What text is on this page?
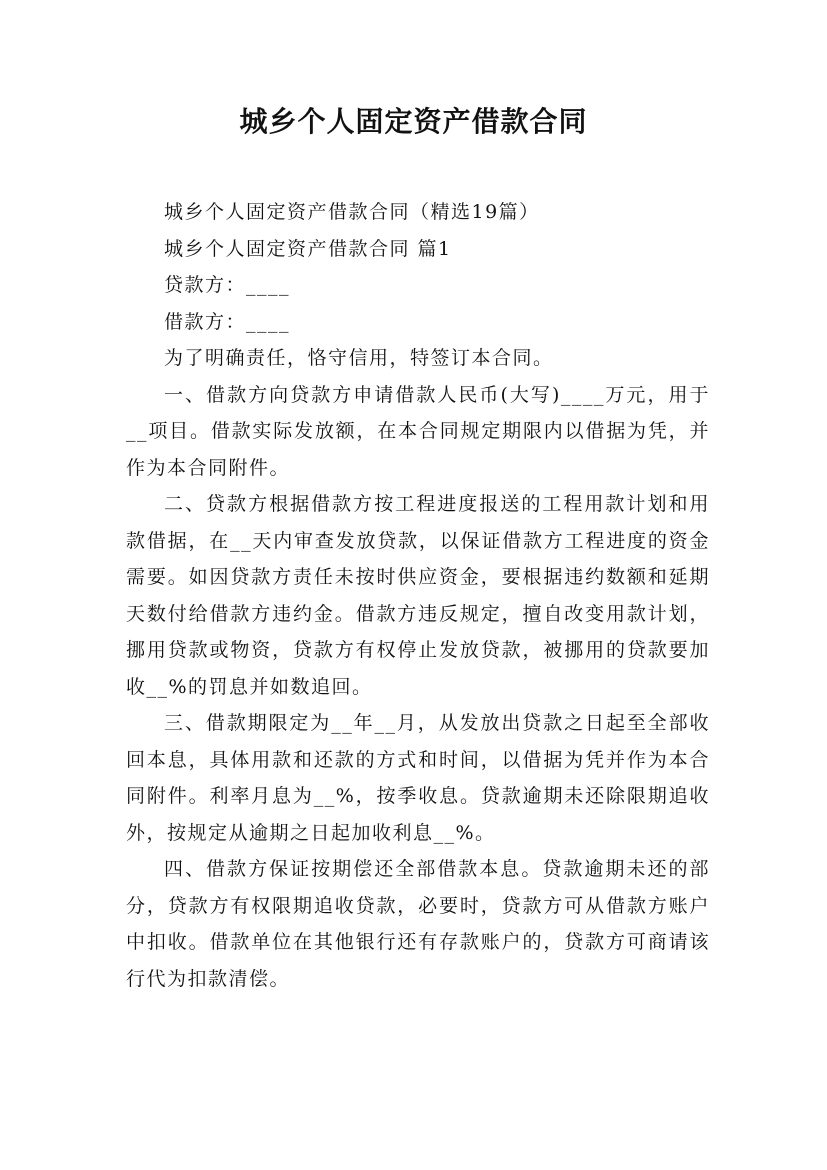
城乡个人固定资产借款合同

城乡个人固定资产借款合同（精选19篇）

城乡个人固定资产借款合同 篇1

贷款方：____

借款方：____

为了明确责任，恪守信用，特签订本合同。

一、借款方向贷款方申请借款人民币(大写)____万元，用于__项目。借款实际发放额，在本合同规定期限内以借据为凭，并作为本合同附件。

二、贷款方根据借款方按工程进度报送的工程用款计划和用款借据，在__天内审查发放贷款，以保证借款方工程进度的资金需要。如因贷款方责任未按时供应资金，要根据违约数额和延期天数付给借款方违约金。借款方违反规定，擅自改变用款计划，挪用贷款或物资，贷款方有权停止发放贷款，被挪用的贷款要加收__%的罚息并如数追回。

三、借款期限定为__年__月，从发放出贷款之日起至全部收回本息，具体用款和还款的方式和时间，以借据为凭并作为本合同附件。利率月息为__%，按季收息。贷款逾期未还除限期追收外，按规定从逾期之日起加收利息__%。

四、借款方保证按期偿还全部借款本息。贷款逾期未还的部分，贷款方有权限期追收贷款，必要时，贷款方可从借款方账户中扣收。借款单位在其他银行还有存款账户的，贷款方可商请该行代为扣款清偿。
